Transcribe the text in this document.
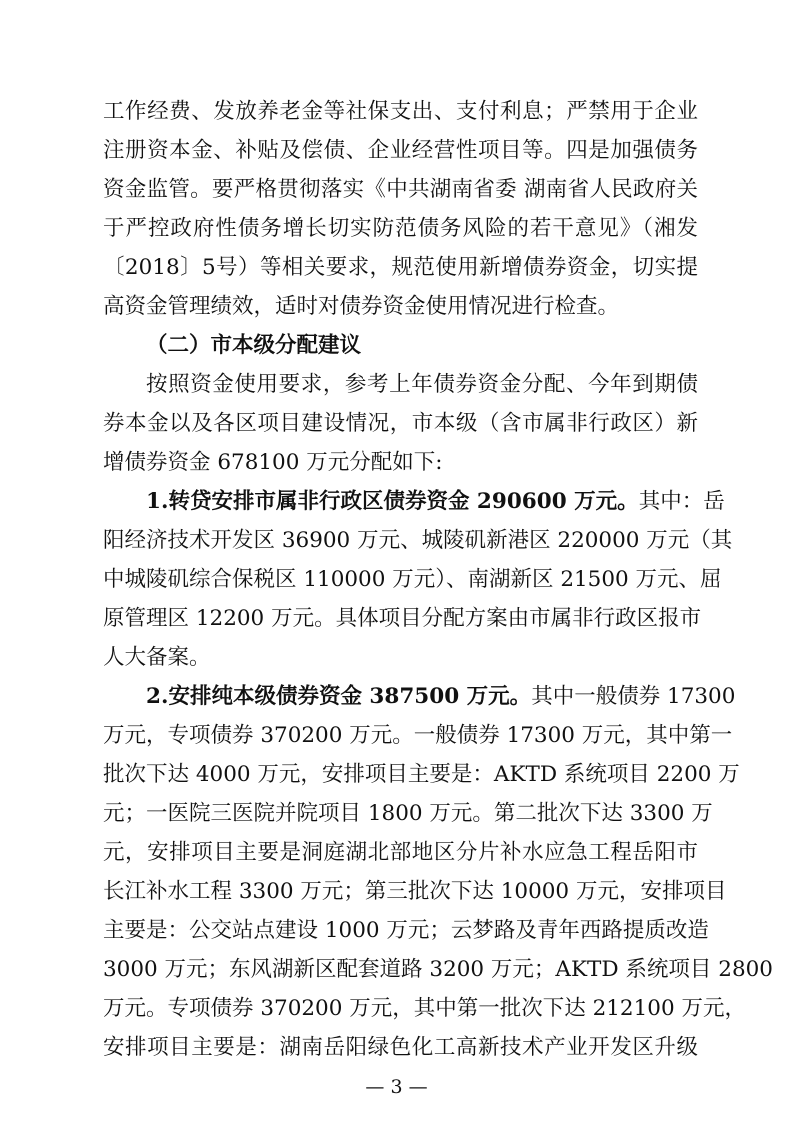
工作经费、发放养老金等社保支出、支付利息；严禁用于企业
注册资本金、补贴及偿债、企业经营性项目等。四是加强债务
资金监管。要严格贯彻落实《中共湖南省委 湖南省人民政府关
于严控政府性债务增长切实防范债务风险的若干意见》（湘发
〔2018〕5号）等相关要求，规范使用新增债券资金，切实提
高资金管理绩效，适时对债券资金使用情况进行检查。
（二）市本级分配建议
按照资金使用要求，参考上年债券资金分配、今年到期债
券本金以及各区项目建设情况，市本级（含市属非行政区）新
增债券资金 678100 万元分配如下:
1.转贷安排市属非行政区债券资金 290600 万元。其中：岳
阳经济技术开发区 36900 万元、城陵矶新港区 220000 万元（其
中城陵矶综合保税区 110000 万元）、南湖新区 21500 万元、屈
原管理区 12200 万元。具体项目分配方案由市属非行政区报市
人大备案。
2.安排纯本级债券资金 387500 万元。其中一般债券 17300
万元，专项债券 370200 万元。一般债券 17300 万元，其中第一
批次下达 4000 万元，安排项目主要是：AKTD 系统项目 2200 万
元；一医院三医院并院项目 1800 万元。第二批次下达 3300 万
元，安排项目主要是洞庭湖北部地区分片补水应急工程岳阳市
长江补水工程 3300 万元；第三批次下达 10000 万元，安排项目
主要是：公交站点建设 1000 万元；云梦路及青年西路提质改造
3000 万元；东风湖新区配套道路 3200 万元；AKTD 系统项目 2800
万元。专项债券 370200 万元，其中第一批次下达 212100 万元，
安排项目主要是：湖南岳阳绿色化工高新技术产业开发区升级
— 3 —
